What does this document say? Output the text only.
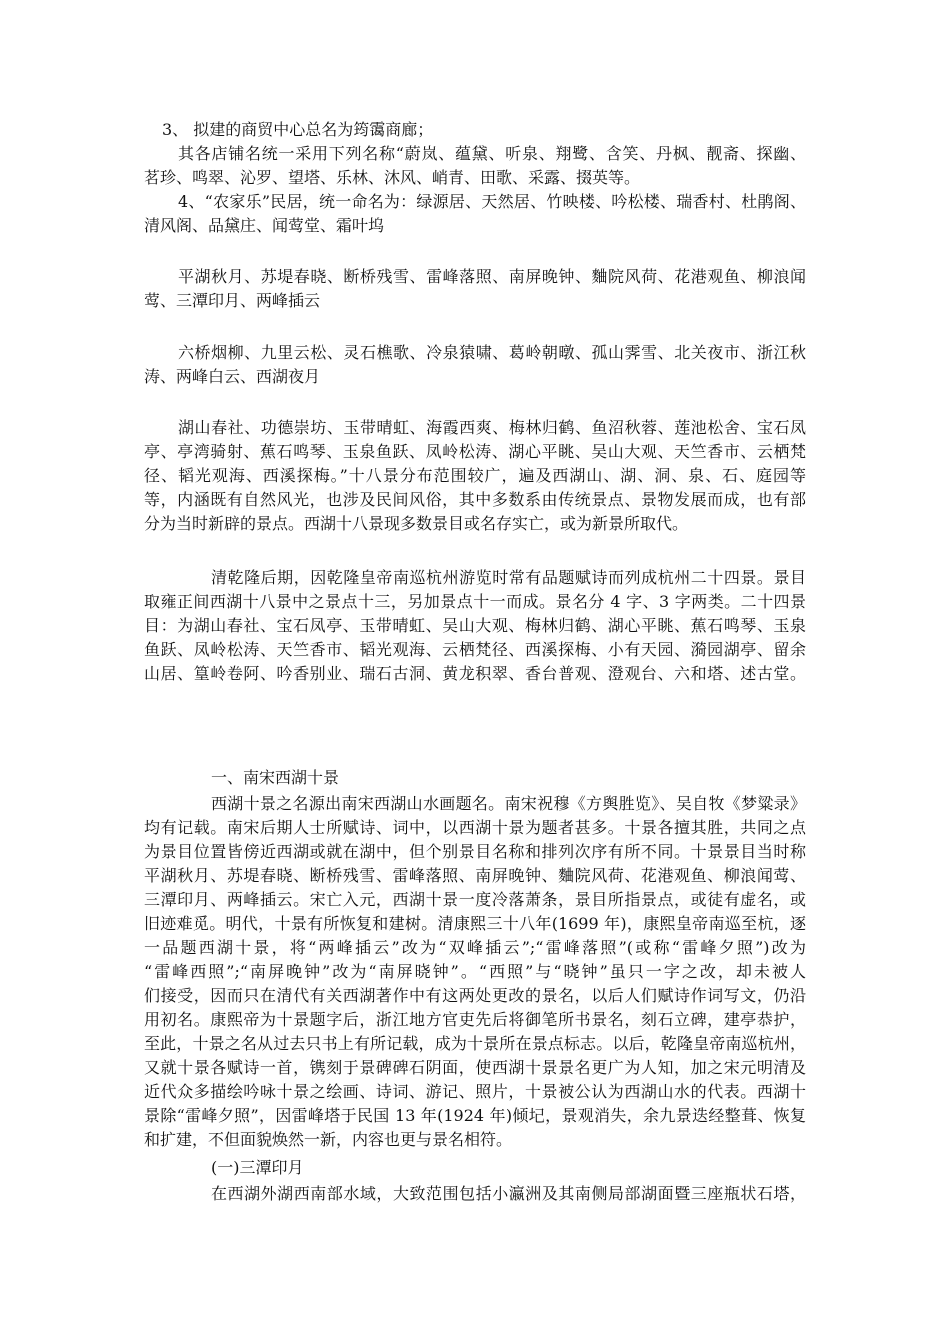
3、 拟建的商贸中心总名为筠霭商廊；
其各店铺名统一采用下列名称“蔚岚、蕴黛、听泉、翔鹭、含笑、丹枫、靓斋、探幽、
茗珍、鸣翠、沁罗、望塔、乐林、沐风、峭青、田歌、采露、掇英等。
4、“农家乐”民居，统一命名为：绿源居、天然居、竹映楼、吟松楼、瑞香村、杜鹃阁、
清风阁、品黛庄、闻莺堂、霜叶坞
平湖秋月、苏堤春晓、断桥残雪、雷峰落照、南屏晚钟、麯院风荷、花港观鱼、柳浪闻
莺、三潭印月、两峰插云
六桥烟柳、九里云松、灵石樵歌、冷泉猿啸、葛岭朝暾、孤山霁雪、北关夜市、浙江秋
涛、两峰白云、西湖夜月
湖山春社、功德崇坊、玉带晴虹、海霞西爽、梅林归鹤、鱼沼秋蓉、莲池松舍、宝石凤
亭、亭湾骑射、蕉石鸣琴、玉泉鱼跃、凤岭松涛、湖心平眺、吴山大观、天竺香市、云栖梵
径、韬光观海、西溪探梅。”十八景分布范围较广，遍及西湖山、湖、洞、泉、石、庭园等
等，内涵既有自然风光，也涉及民间风俗，其中多数系由传统景点、景物发展而成，也有部
分为当时新辟的景点。西湖十八景现多数景目或名存实亡，或为新景所取代。
清乾隆后期，因乾隆皇帝南巡杭州游览时常有品题赋诗而列成杭州二十四景。景目
取雍正间西湖十八景中之景点十三，另加景点十一而成。景名分 4 字、3 字两类。二十四景
目：为湖山春社、宝石凤亭、玉带晴虹、吴山大观、梅林归鹤、湖心平眺、蕉石鸣琴、玉泉
鱼跃、凤岭松涛、天竺香市、韬光观海、云栖梵径、西溪探梅、小有天园、漪园湖亭、留余
山居、篁岭卷阿、吟香别业、瑞石古洞、黄龙积翠、香台普观、澄观台、六和塔、述古堂。
一、南宋西湖十景
西湖十景之名源出南宋西湖山水画题名。南宋祝穆《方舆胜览》、吴自牧《梦粱录》
均有记载。南宋后期人士所赋诗、词中，以西湖十景为题者甚多。十景各擅其胜，共同之点
为景目位置皆傍近西湖或就在湖中，但个别景目名称和排列次序有所不同。十景景目当时称
平湖秋月、苏堤春晓、断桥残雪、雷峰落照、南屏晚钟、麯院风荷、花港观鱼、柳浪闻莺、
三潭印月、两峰插云。宋亡入元，西湖十景一度冷落萧条，景目所指景点，或徒有虚名，或
旧迹难觅。明代，十景有所恢复和建树。清康熙三十八年(1699 年)，康熙皇帝南巡至杭，逐
一品题西湖十景，将“两峰插云”改为“双峰插云”;“雷峰落照”(或称“雷峰夕照”)改为
“雷峰西照”;“南屏晚钟”改为“南屏晓钟”。“西照”与“晓钟”虽只一字之改，却未被人
们接受，因而只在清代有关西湖著作中有这两处更改的景名，以后人们赋诗作词写文，仍沿
用初名。康熙帝为十景题字后，浙江地方官吏先后将御笔所书景名，刻石立碑，建亭恭护，
至此，十景之名从过去只书上有所记载，成为十景所在景点标志。以后，乾隆皇帝南巡杭州，
又就十景各赋诗一首，镌刻于景碑碑石阴面，使西湖十景景名更广为人知，加之宋元明清及
近代众多描绘吟咏十景之绘画、诗词、游记、照片，十景被公认为西湖山水的代表。西湖十
景除“雷峰夕照”，因雷峰塔于民国 13 年(1924 年)倾圮，景观消失，余九景迭经整葺、恢复
和扩建，不但面貌焕然一新，内容也更与景名相符。
(一)三潭印月
在西湖外湖西南部水域，大致范围包括小瀛洲及其南侧局部湖面暨三座瓶状石塔，
